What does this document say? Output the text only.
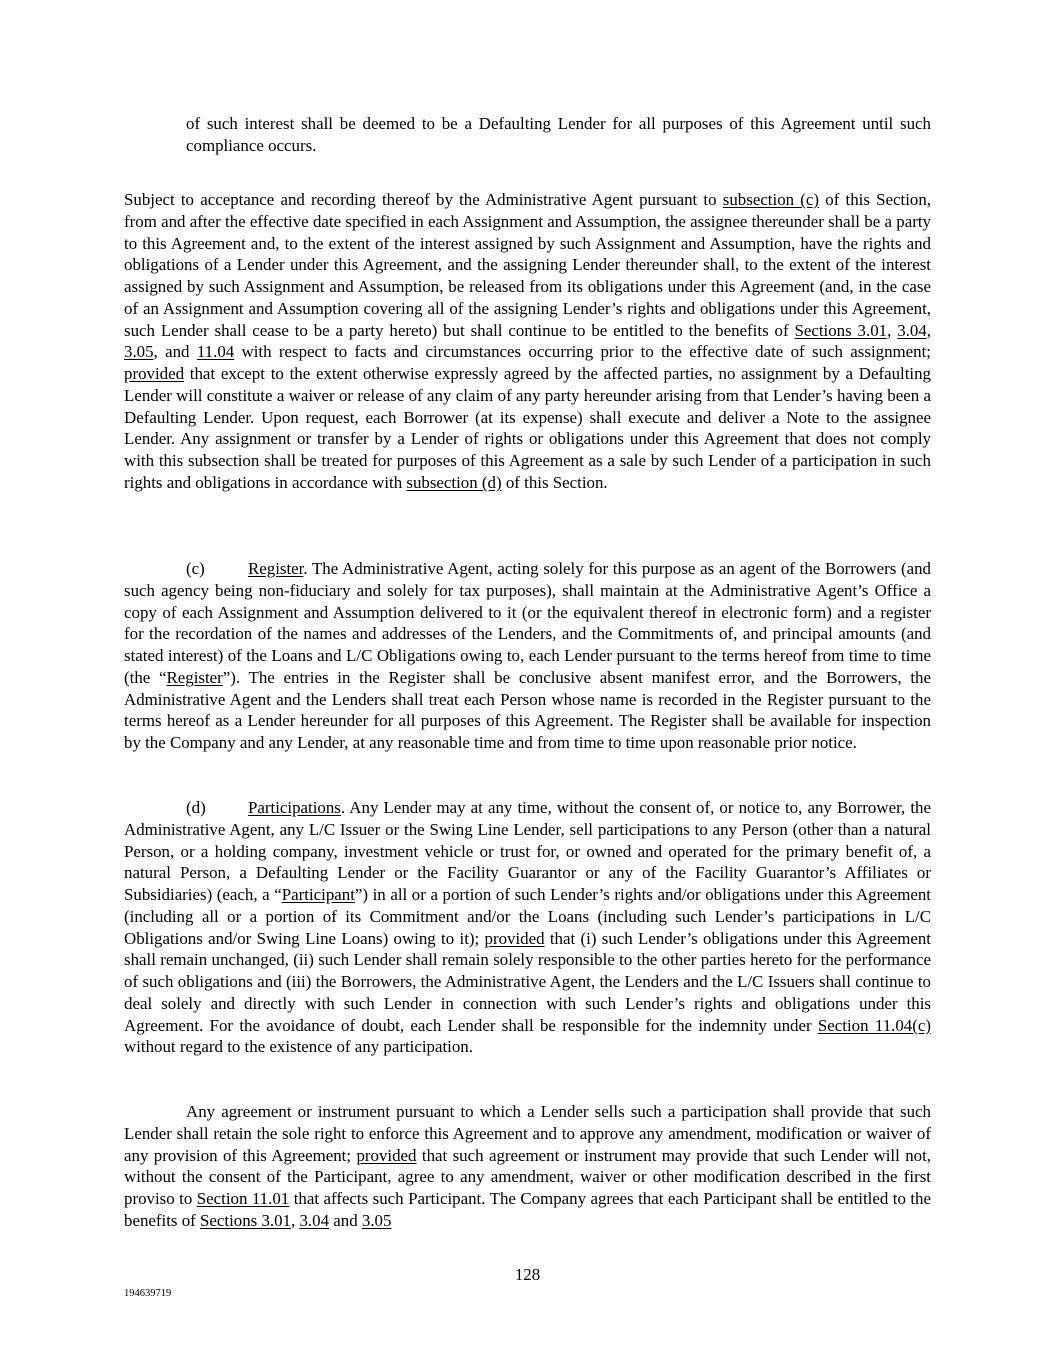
of such interest shall be deemed to be a Defaulting Lender for all purposes of this Agreement until such compliance occurs.

Subject to acceptance and recording thereof by the Administrative Agent pursuant to subsection (c) of this Section, from and after the effective date specified in each Assignment and Assumption, the assignee thereunder shall be a party to this Agreement and, to the extent of the interest assigned by such Assignment and Assumption, have the rights and obligations of a Lender under this Agreement, and the assigning Lender thereunder shall, to the extent of the interest assigned by such Assignment and Assumption, be released from its obligations under this Agreement (and, in the case of an Assignment and Assumption covering all of the assigning Lender’s rights and obligations under this Agreement, such Lender shall cease to be a party hereto) but shall continue to be entitled to the benefits of Sections 3.01, 3.04, 3.05, and 11.04 with respect to facts and circumstances occurring prior to the effective date of such assignment; provided that except to the extent otherwise expressly agreed by the affected parties, no assignment by a Defaulting Lender will constitute a waiver or release of any claim of any party hereunder arising from that Lender’s having been a Defaulting Lender. Upon request, each Borrower (at its expense) shall execute and deliver a Note to the assignee Lender. Any assignment or transfer by a Lender of rights or obligations under this Agreement that does not comply with this subsection shall be treated for purposes of this Agreement as a sale by such Lender of a participation in such rights and obligations in accordance with subsection (d) of this Section.

(c)	Register. The Administrative Agent, acting solely for this purpose as an agent of the Borrowers (and such agency being non-fiduciary and solely for tax purposes), shall maintain at the Administrative Agent’s Office a copy of each Assignment and Assumption delivered to it (or the equivalent thereof in electronic form) and a register for the recordation of the names and addresses of the Lenders, and the Commitments of, and principal amounts (and stated interest) of the Loans and L/C Obligations owing to, each Lender pursuant to the terms hereof from time to time (the “Register”). The entries in the Register shall be conclusive absent manifest error, and the Borrowers, the Administrative Agent and the Lenders shall treat each Person whose name is recorded in the Register pursuant to the terms hereof as a Lender hereunder for all purposes of this Agreement. The Register shall be available for inspection by the Company and any Lender, at any reasonable time and from time to time upon reasonable prior notice.

(d)	Participations. Any Lender may at any time, without the consent of, or notice to, any Borrower, the Administrative Agent, any L/C Issuer or the Swing Line Lender, sell participations to any Person (other than a natural Person, or a holding company, investment vehicle or trust for, or owned and operated for the primary benefit of, a natural Person, a Defaulting Lender or the Facility Guarantor or any of the Facility Guarantor’s Affiliates or Subsidiaries) (each, a “Participant”) in all or a portion of such Lender’s rights and/or obligations under this Agreement (including all or a portion of its Commitment and/or the Loans (including such Lender’s participations in L/C Obligations and/or Swing Line Loans) owing to it); provided that (i) such Lender’s obligations under this Agreement shall remain unchanged, (ii) such Lender shall remain solely responsible to the other parties hereto for the performance of such obligations and (iii) the Borrowers, the Administrative Agent, the Lenders and the L/C Issuers shall continue to deal solely and directly with such Lender in connection with such Lender’s rights and obligations under this Agreement. For the avoidance of doubt, each Lender shall be responsible for the indemnity under Section 11.04(c) without regard to the existence of any participation.

Any agreement or instrument pursuant to which a Lender sells such a participation shall provide that such Lender shall retain the sole right to enforce this Agreement and to approve any amendment, modification or waiver of any provision of this Agreement; provided that such agreement or instrument may provide that such Lender will not, without the consent of the Participant, agree to any amendment, waiver or other modification described in the first proviso to Section 11.01 that affects such Participant. The Company agrees that each Participant shall be entitled to the benefits of Sections 3.01, 3.04 and 3.05

128
194639719
